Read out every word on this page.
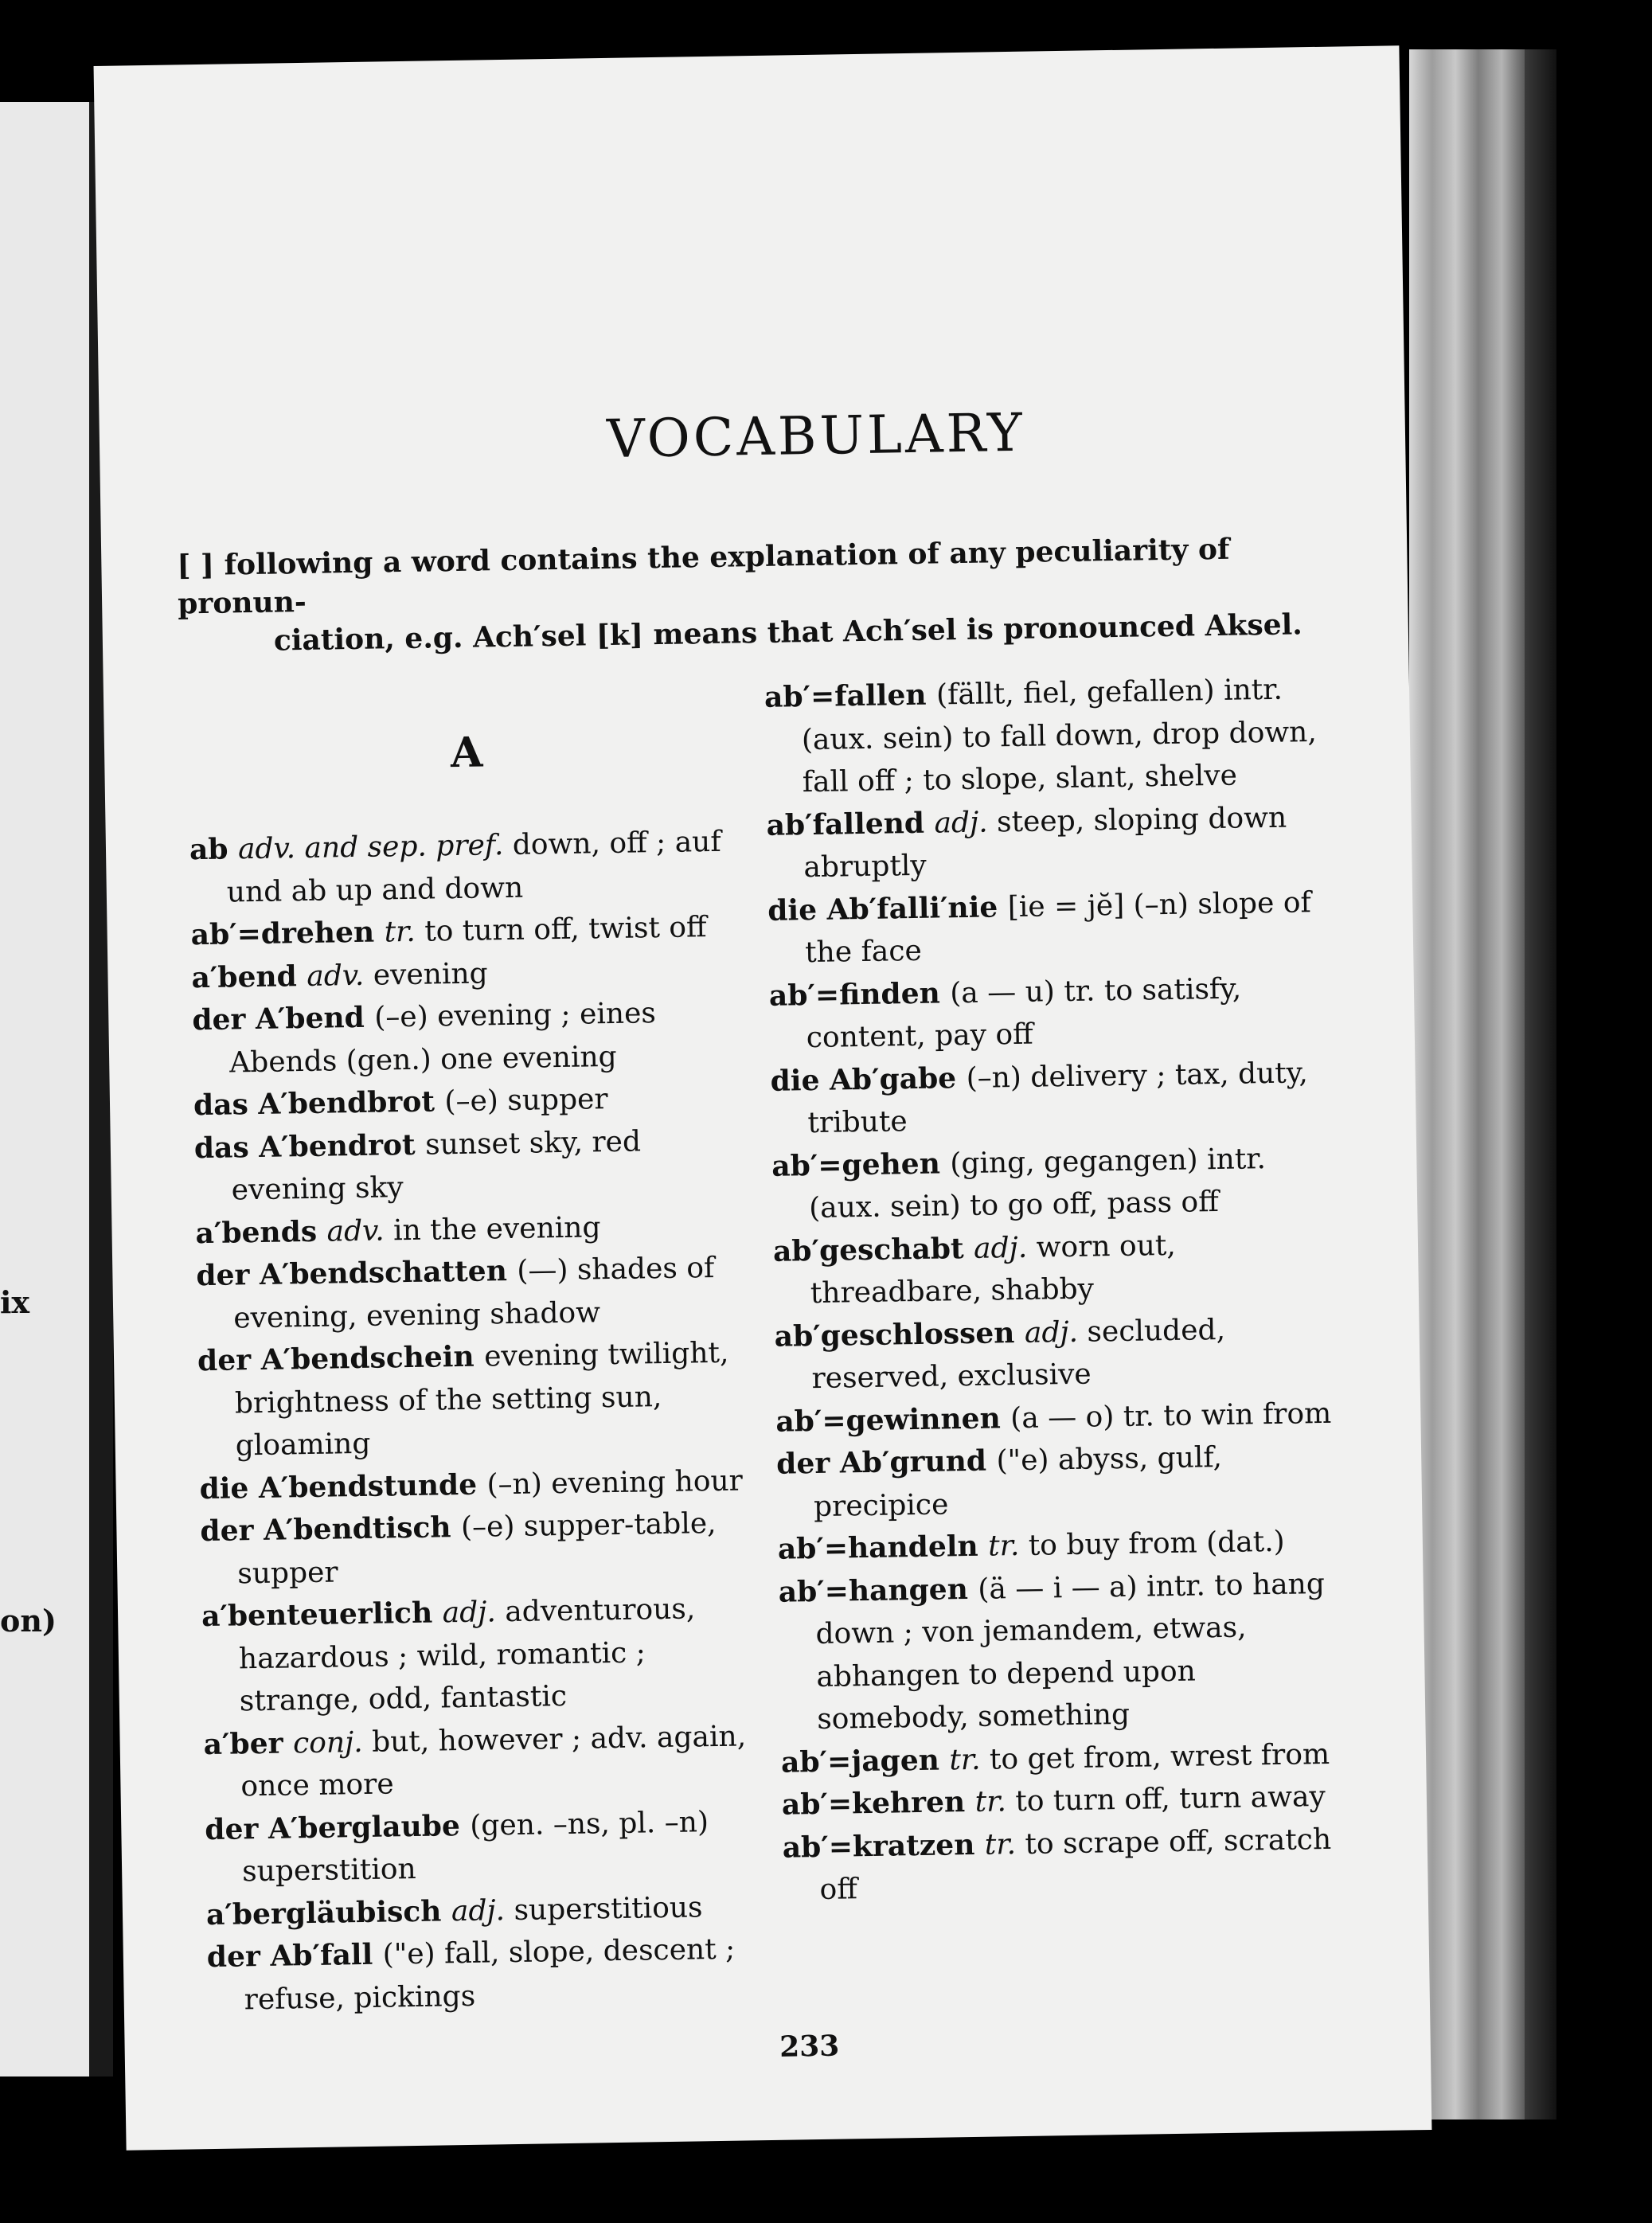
ix
on)
VOCABULARY
[ ] following a word contains the explanation of any peculiarity of pronun-
ciation, e.g. Ach′sel [k] means that Ach′sel is pronounced Aksel.
A
ab adv. and sep. pref. down, off ; auf und ab up and down
ab′=drehen tr. to turn off, twist off
a′bend adv. evening
der A′bend (–e) evening ; eines Abends (gen.) one evening
das A′bendbrot (–e) supper
das A′bendrot sunset sky, red evening sky
a′bends adv. in the evening
der A′bendschatten (—) shades of evening, evening shadow
der A′bendschein evening twilight, brightness of the setting sun, gloaming
die A′bendstunde (–n) evening hour
der A′bendtisch (–e) supper-table, supper
a′benteuerlich adj. adventurous, hazardous ; wild, romantic ; strange, odd, fantastic
a′ber conj. but, however ; adv. again, once more
der A′berglaube (gen. –ns, pl. –n) superstition
a′bergläubisch adj. superstitious
der Ab′fall ("e) fall, slope, descent ; refuse, pickings
ab′=fallen (fällt, fiel, gefallen) intr. (aux. sein) to fall down, drop down, fall off ; to slope, slant, shelve
ab′fallend adj. steep, sloping down abruptly
die Ab′falli′nie [ie = jĕ] (–n) slope of the face
ab′=finden (a — u) tr. to satisfy, content, pay off
die Ab′gabe (–n) delivery ; tax, duty, tribute
ab′=gehen (ging, gegangen) intr. (aux. sein) to go off, pass off
ab′geschabt adj. worn out, threadbare, shabby
ab′geschlossen adj. secluded, reserved, exclusive
ab′=gewinnen (a — o) tr. to win from
der Ab′grund ("e) abyss, gulf, precipice
ab′=handeln tr. to buy from (dat.)
ab′=hangen (ä — i — a) intr. to hang down ; von jemandem, etwas, abhangen to depend upon somebody, something
ab′=jagen tr. to get from, wrest from
ab′=kehren tr. to turn off, turn away
ab′=kratzen tr. to scrape off, scratch off
233
